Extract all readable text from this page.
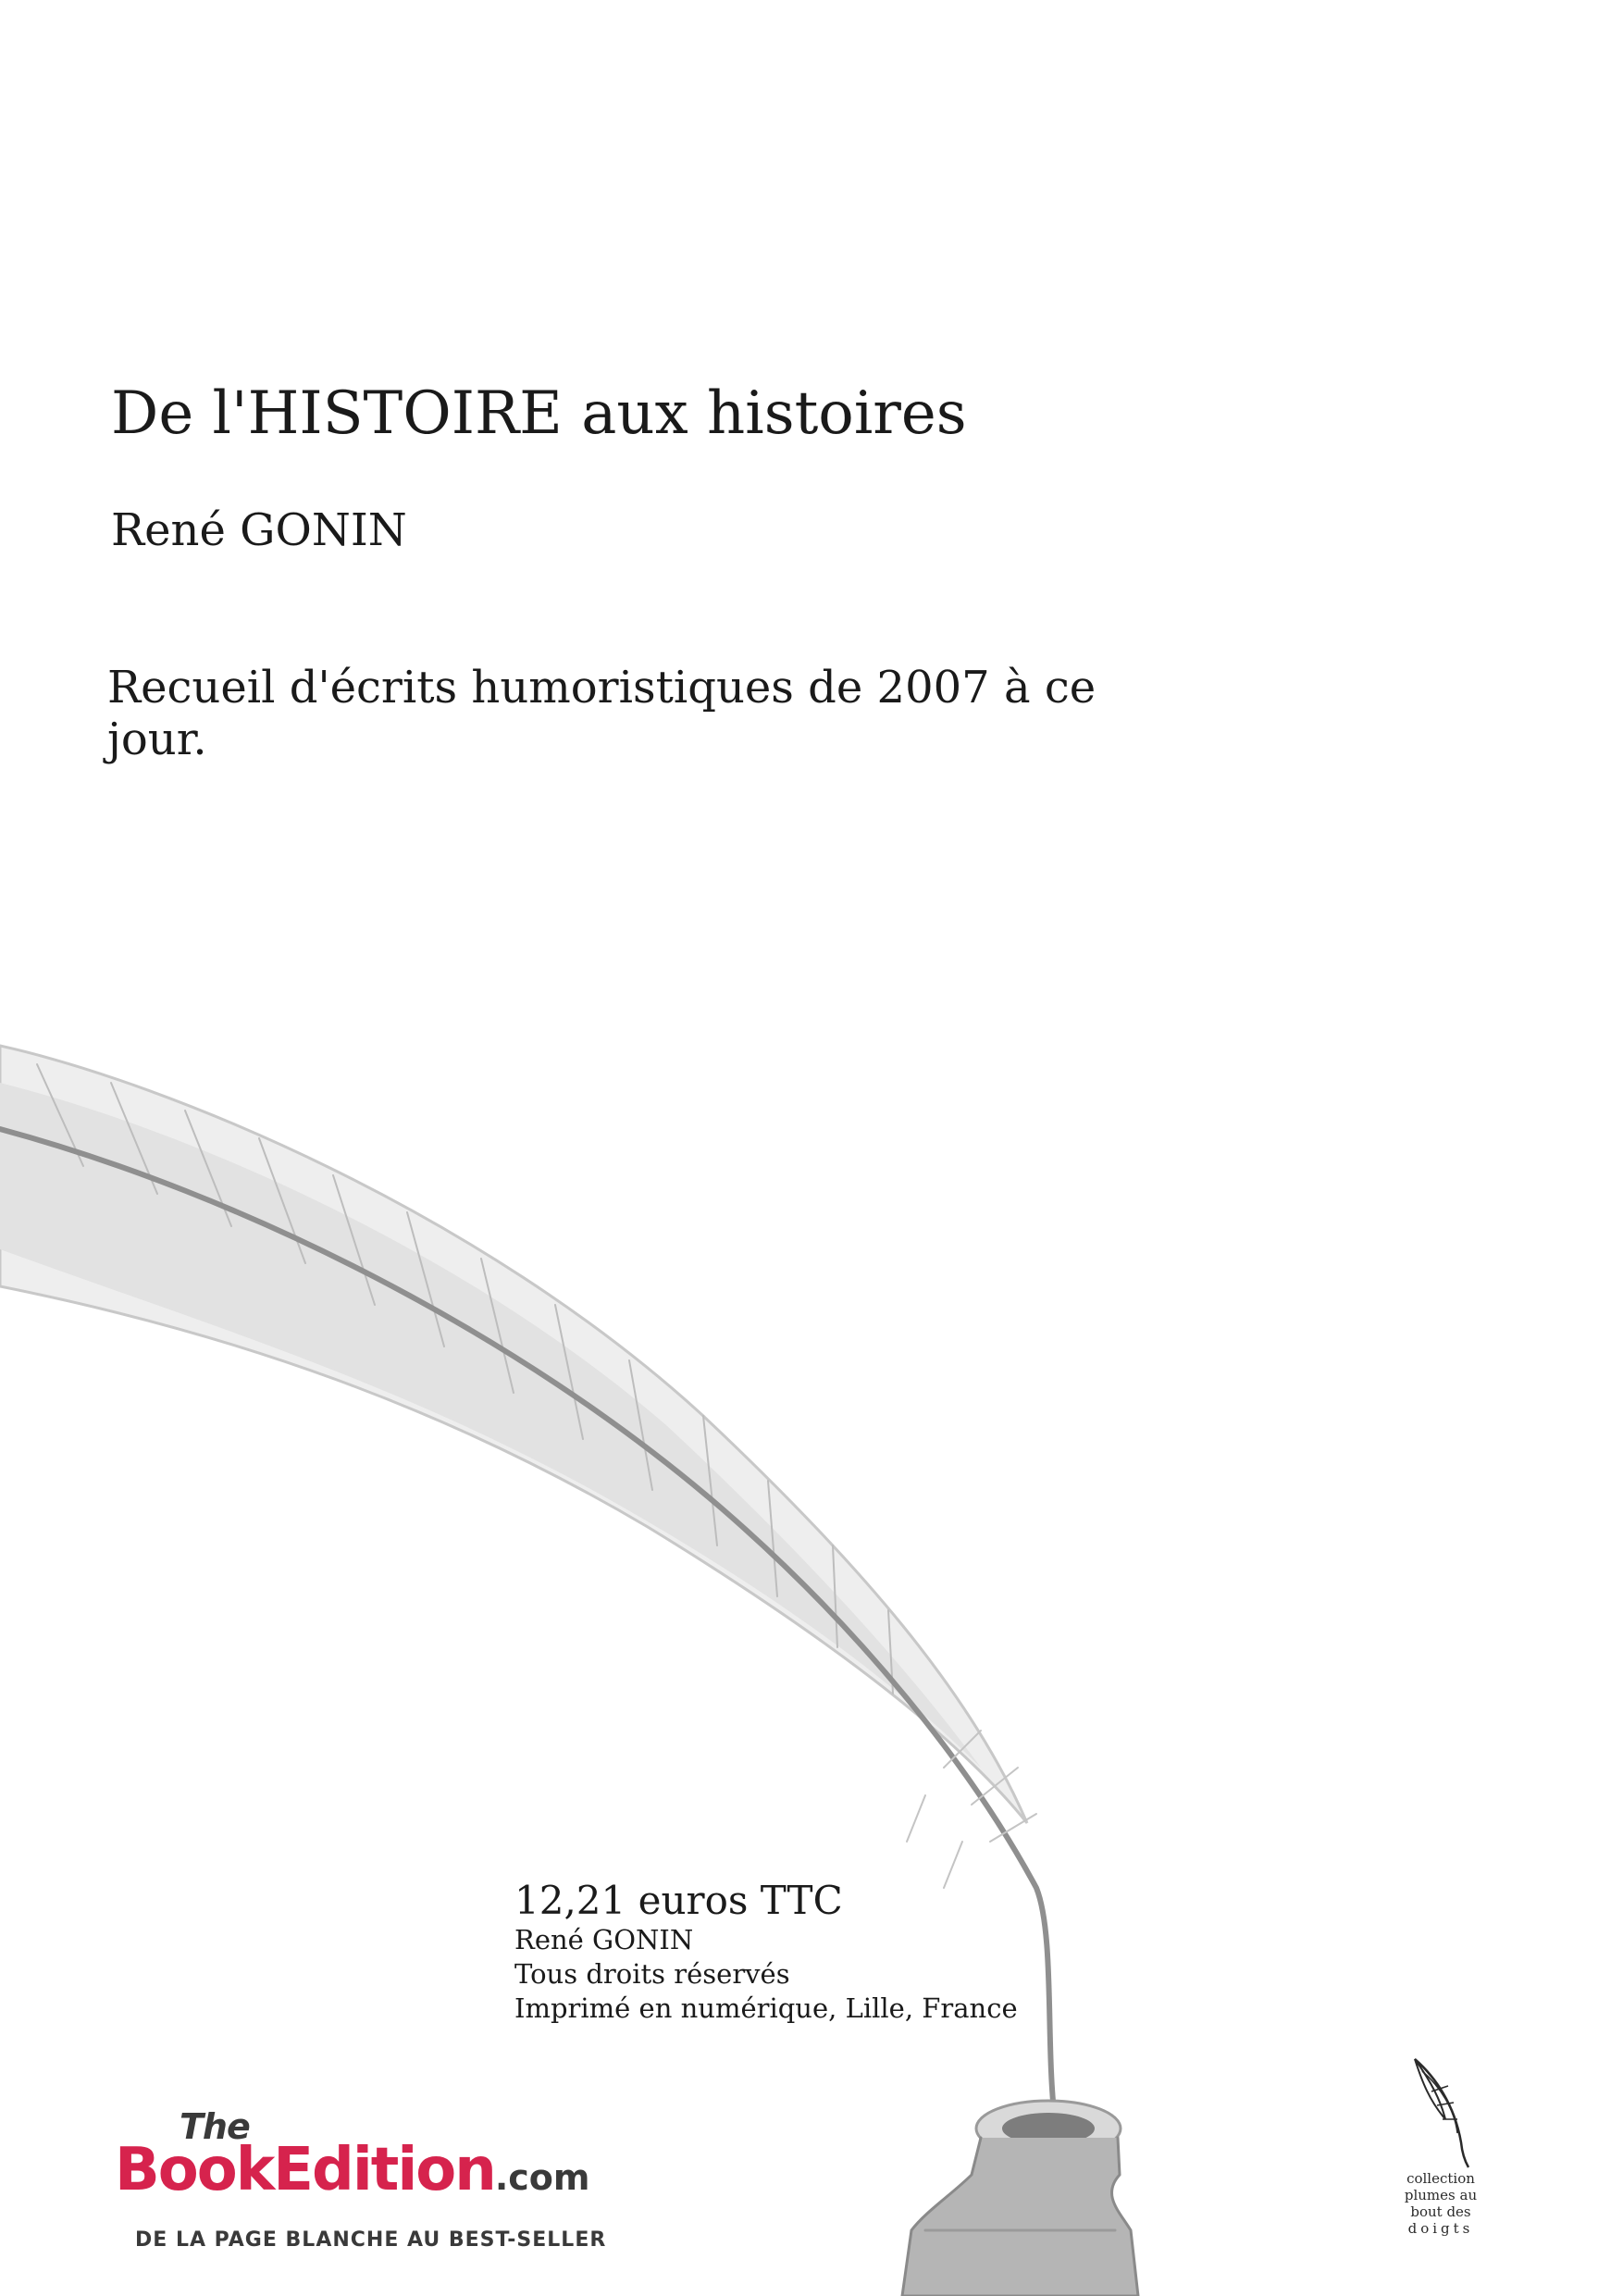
De l'HISTOIRE aux histoires

René GONIN

Recueil d'écrits humoristiques de 2007 à ce jour.

12,21 euros TTC
René GONIN
Tous droits réservés
Imprimé en numérique, Lille, France
The
BookEdition.com
DE LA PAGE BLANCHE AU BEST-SELLER
collection
plumes au
bout des
doigts
